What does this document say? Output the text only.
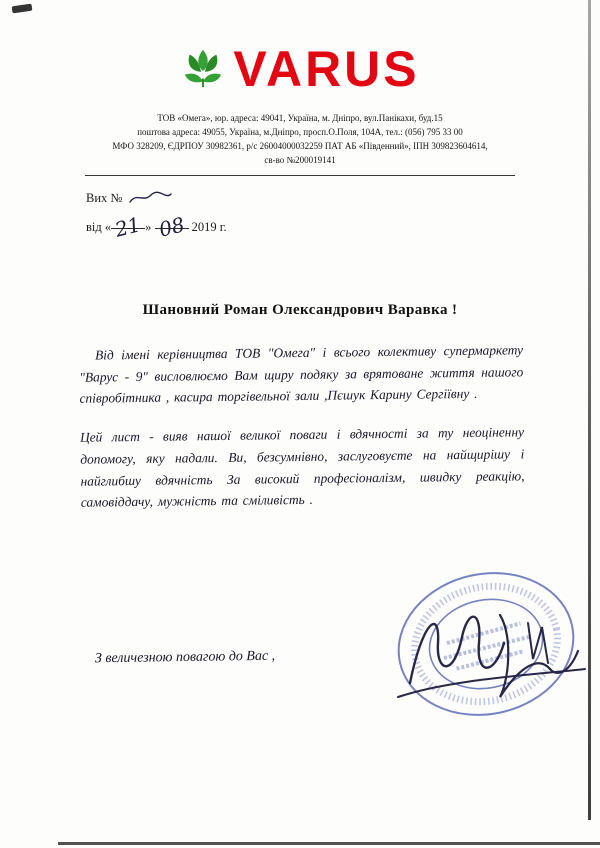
VARUS
ТОВ «Омега», юр. адреса: 49041, Україна, м. Дніпро, вул.Панікахи, буд.15
поштова адреса: 49055, Україна, м.Дніпро, просп.О.Поля, 104А, тел.: (056) 795 33 00
МФО 328209, ЄДРПОУ 30982361, р/с 26004000032259 ПАТ АБ «Південний», ІПН 309823604614,
св-во №200019141
Вих №
від «21 » 08 2019 г.
Шановний Роман Олександрович Варавка !

Від імені керівництва ТОВ "Омега" і всього колективу супермаркету "Варус - 9" висловлюємо Вам щиру подяку за врятоване життя нашого співробітника , касира торгівельної зали ,Пєшук Карину Сергіївну .

Цей лист - вияв нашої великої поваги і вдячності за ту неоціненну допомогу, яку надали. Ви, безсумнівно, заслуговуєте на найщирішу і найглибшу вдячність За високий професіоналізм, швидку реакцію, самовіддачу, мужність та сміливість .

З величезною повагою до Вас ,
